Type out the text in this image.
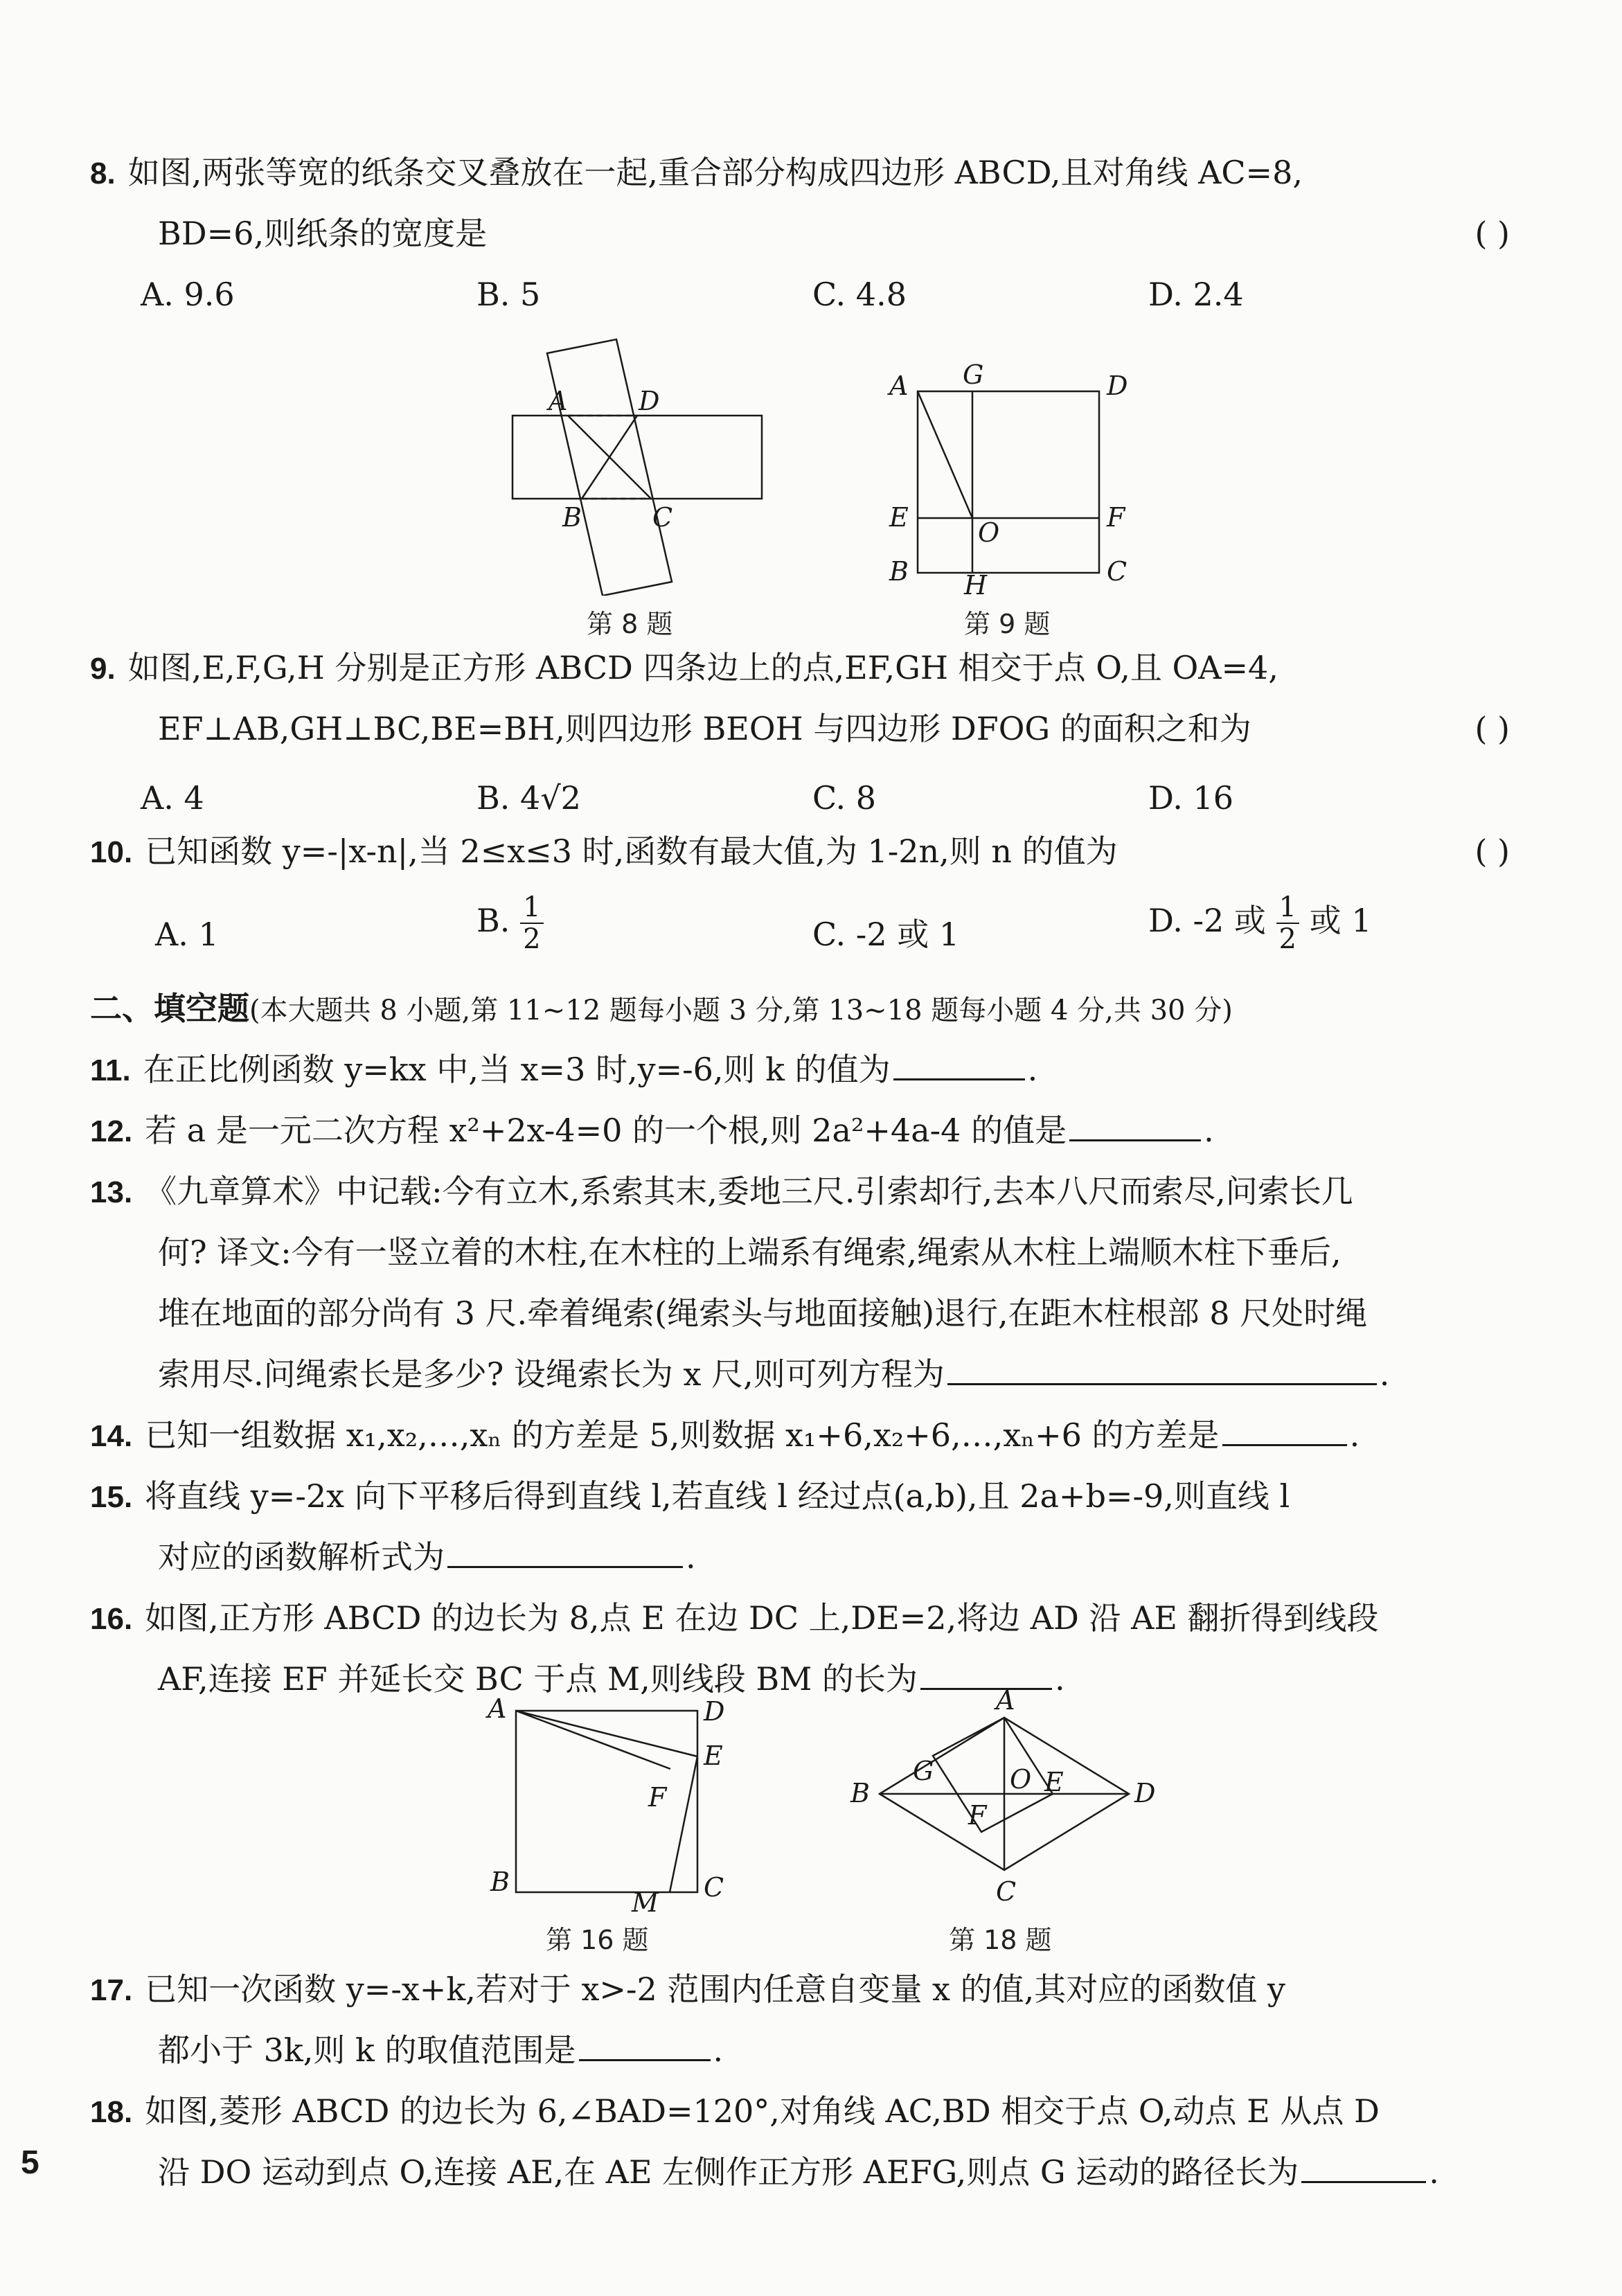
8. 如图,两张等宽的纸条交叉叠放在一起,重合部分构成四边形 ABCD,且对角线 AC=8,
BD=6,则纸条的宽度是	( )
A. 9.6	B. 5	C. 4.8	D. 2.4
A	D
B	C
第 8 题
A G	D
E	O	F
B H	C
第 9 题
9. 如图,E,F,G,H 分别是正方形 ABCD 四条边上的点,EF,GH 相交于点 O,且 OA=4,
EF⊥AB,GH⊥BC,BE=BH,则四边形 BEOH 与四边形 DFOG 的面积之和为	( )
A. 4	B. 4√2	C. 8	D. 16
10. 已知函数 y=-|x-n|,当 2≤x≤3 时,函数有最大值,为 1-2n,则 n 的值为	( )
A. 1	B. $\frac{1}{2}$	C. -2 或 1	D. -2 或 $\frac{1}{2}$ 或 1
二、填空题(本大题共 8 小题,第 11~12 题每小题 3 分,第 13~18 题每小题 4 分,共 30 分)
11. 在正比例函数 y=kx 中,当 x=3 时,y=-6,则 k 的值为	.
12. 若 a 是一元二次方程 x²+2x-4=0 的一个根,则 2a²+4a-4 的值是	.
13. 《九章算术》中记载:今有立木,系索其末,委地三尺.引索却行,去本八尺而索尽,问索长几
何? 译文:今有一竖立着的木柱,在木柱的上端系有绳索,绳索从木柱上端顺木柱下垂后,
堆在地面的部分尚有 3 尺.牵着绳索(绳索头与地面接触)退行,在距木柱根部 8 尺处时绳
索用尽.问绳索长是多少? 设绳索长为 x 尺,则可列方程为	.
14. 已知一组数据 x₁,x₂,…,xₙ 的方差是 5,则数据 x₁+6,x₂+6,…,xₙ+6 的方差是	.
15. 将直线 y=-2x 向下平移后得到直线 l,若直线 l 经过点(a,b),且 2a+b=-9,则直线 l
对应的函数解析式为	.
16. 如图,正方形 ABCD 的边长为 8,点 E 在边 DC 上,DE=2,将边 AD 沿 AE 翻折得到线段
AF,连接 EF 并延长交 BC 于点 M,则线段 BM 的长为	.
A	D
E
F
B
M C
第 16 题
A
B
G	O E	D
F
C
第 18 题
17. 已知一次函数 y=-x+k,若对于 x>-2 范围内任意自变量 x 的值,其对应的函数值 y
都小于 3k,则 k 的取值范围是	.
18. 如图,菱形 ABCD 的边长为 6,∠BAD=120°,对角线 AC,BD 相交于点 O,动点 E 从点 D
沿 DO 运动到点 O,连接 AE,在 AE 左侧作正方形 AEFG,则点 G 运动的路径长为	.
5
